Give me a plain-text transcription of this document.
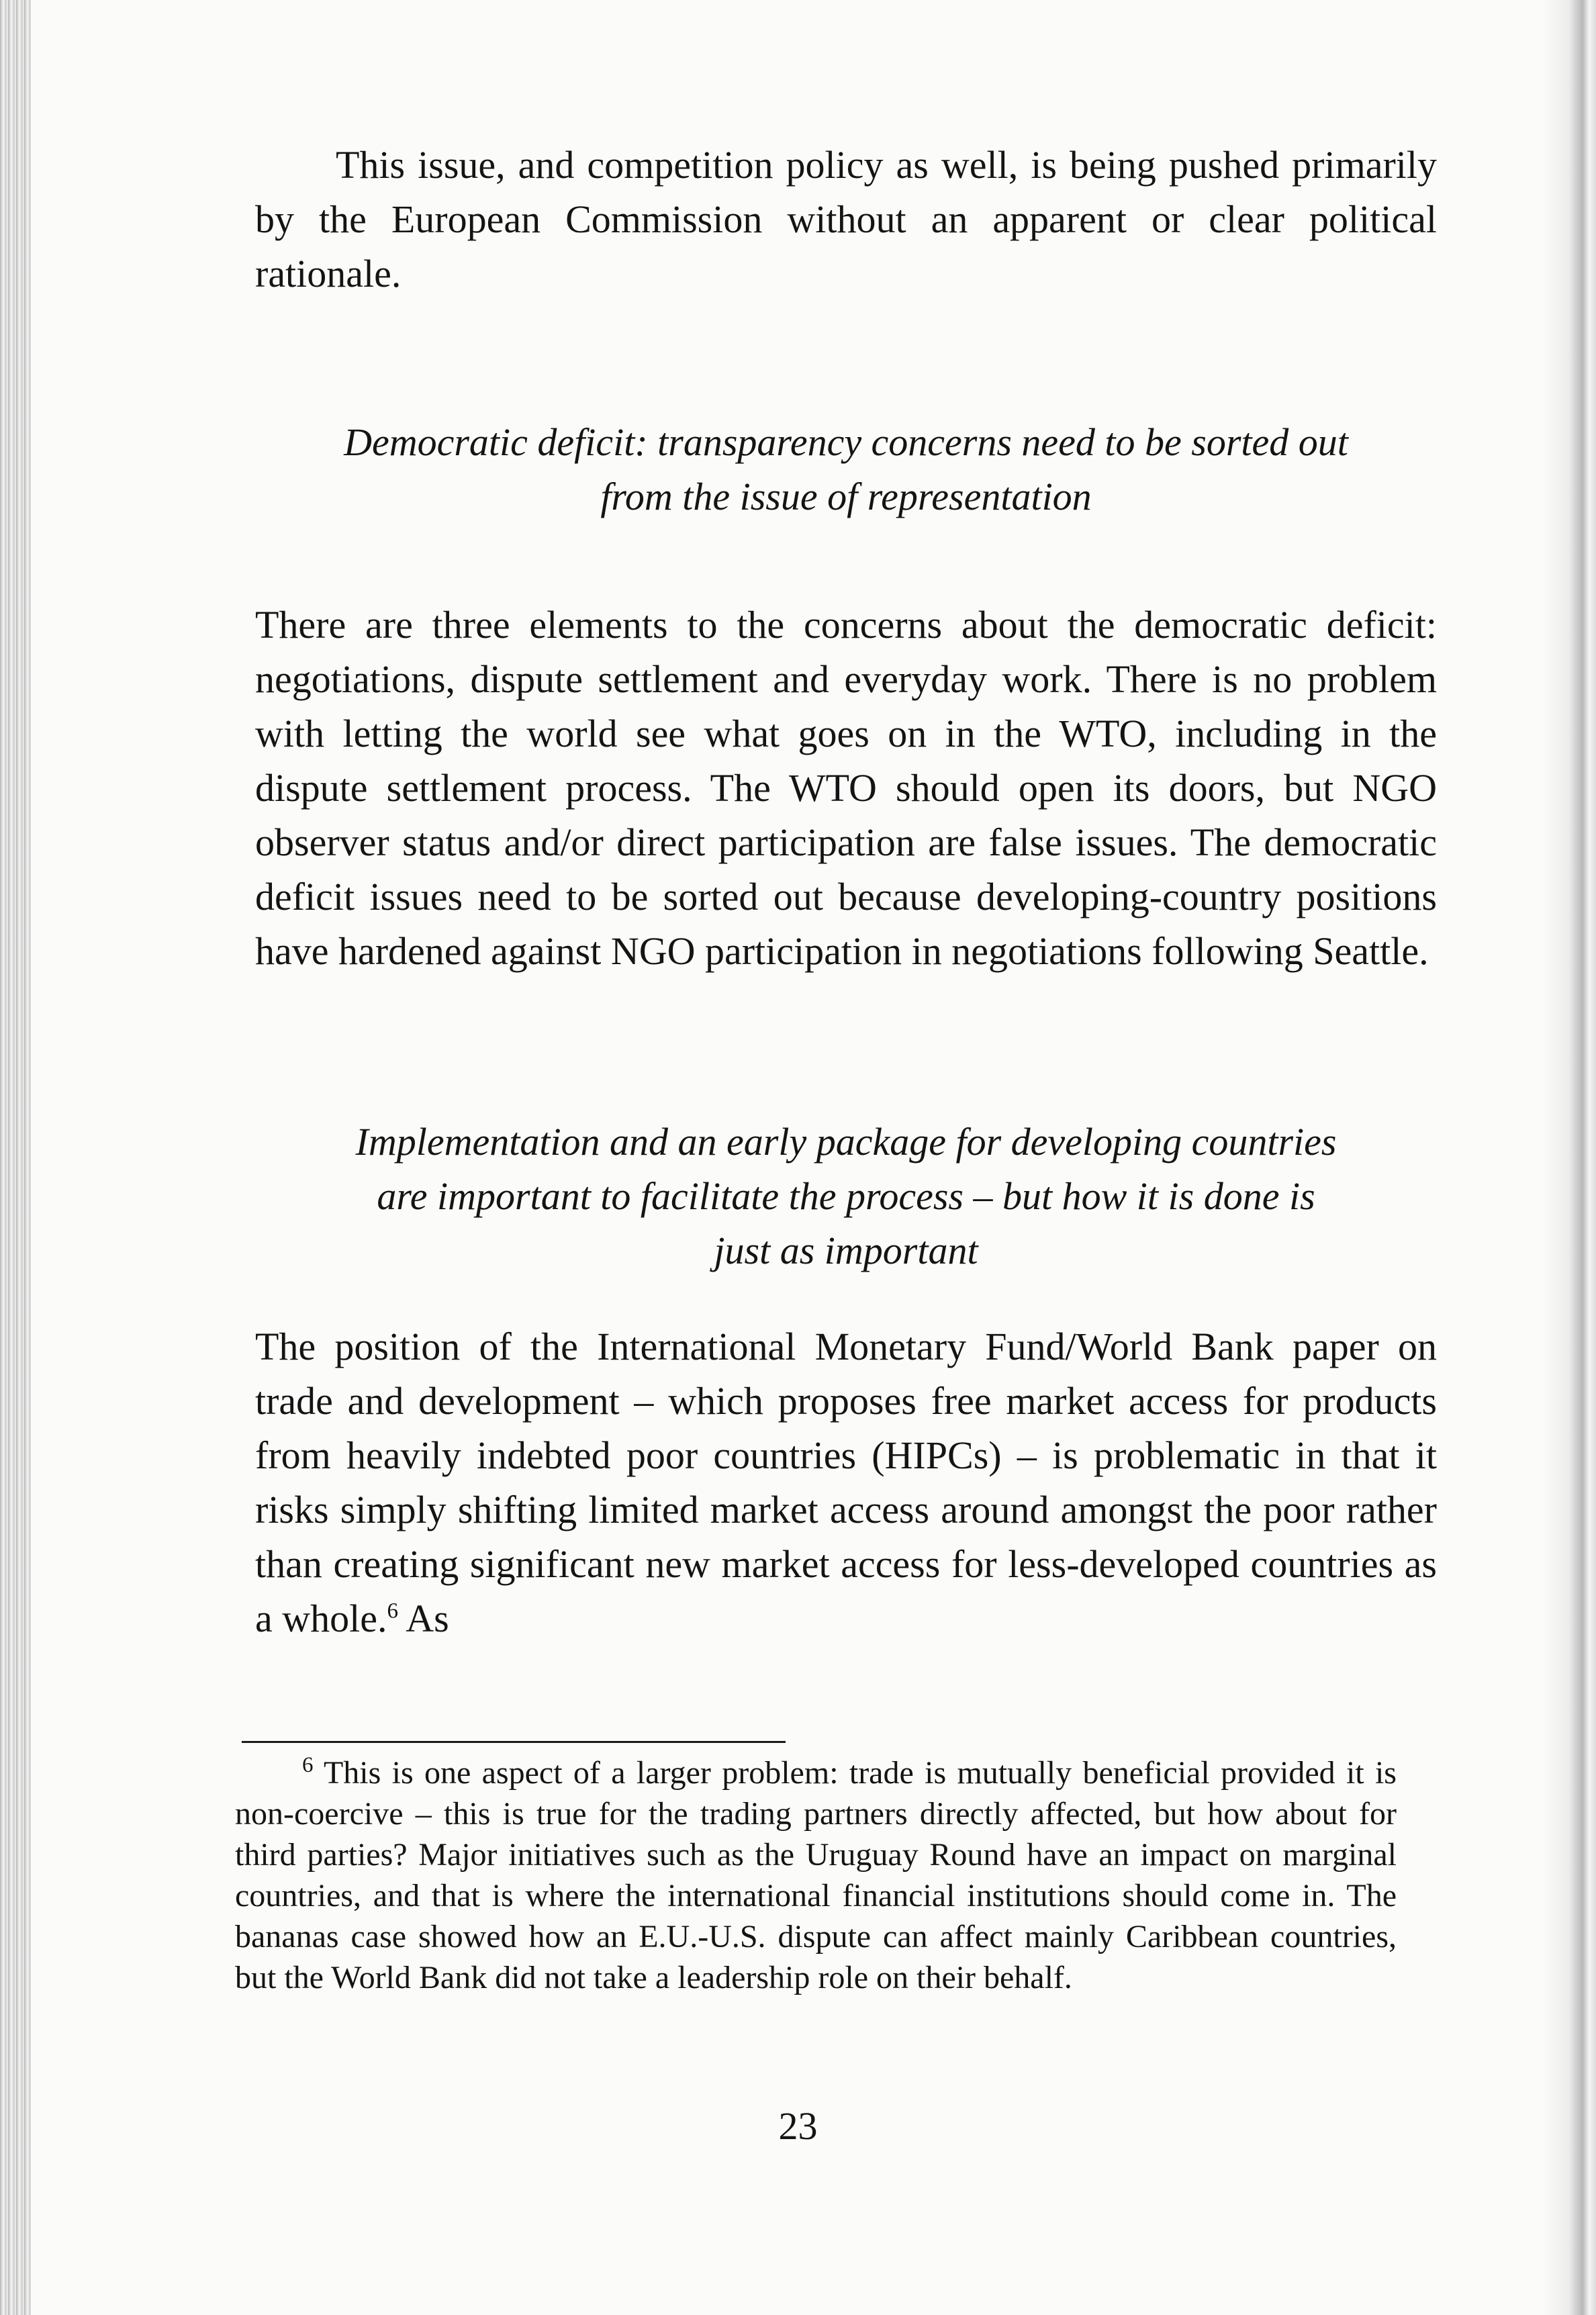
This issue, and competition policy as well, is being pushed primarily by the European Commission without an apparent or clear political rationale.

Democratic deficit: transparency concerns need to be sorted out
from the issue of representation

There are three elements to the concerns about the democratic deficit: negotiations, dispute settlement and everyday work. There is no problem with letting the world see what goes on in the WTO, including in the dispute settlement process. The WTO should open its doors, but NGO observer status and/or direct participation are false issues. The democratic deficit issues need to be sorted out because developing-country positions have hardened against NGO participation in negotiations following Seattle.

Implementation and an early package for developing countries
are important to facilitate the process – but how it is done is
just as important

The position of the International Monetary Fund/World Bank paper on trade and development – which proposes free market access for products from heavily indebted poor countries (HIPCs) – is problematic in that it risks simply shifting limited market access around amongst the poor rather than creating significant new market access for less-developed countries as a whole.$^6$ As

$^6$ This is one aspect of a larger problem: trade is mutually beneficial provided it is non-coercive – this is true for the trading partners directly affected, but how about for third parties? Major initiatives such as the Uruguay Round have an impact on marginal countries, and that is where the international financial institutions should come in. The bananas case showed how an E.U.-U.S. dispute can affect mainly Caribbean countries, but the World Bank did not take a leadership role on their behalf.

23
